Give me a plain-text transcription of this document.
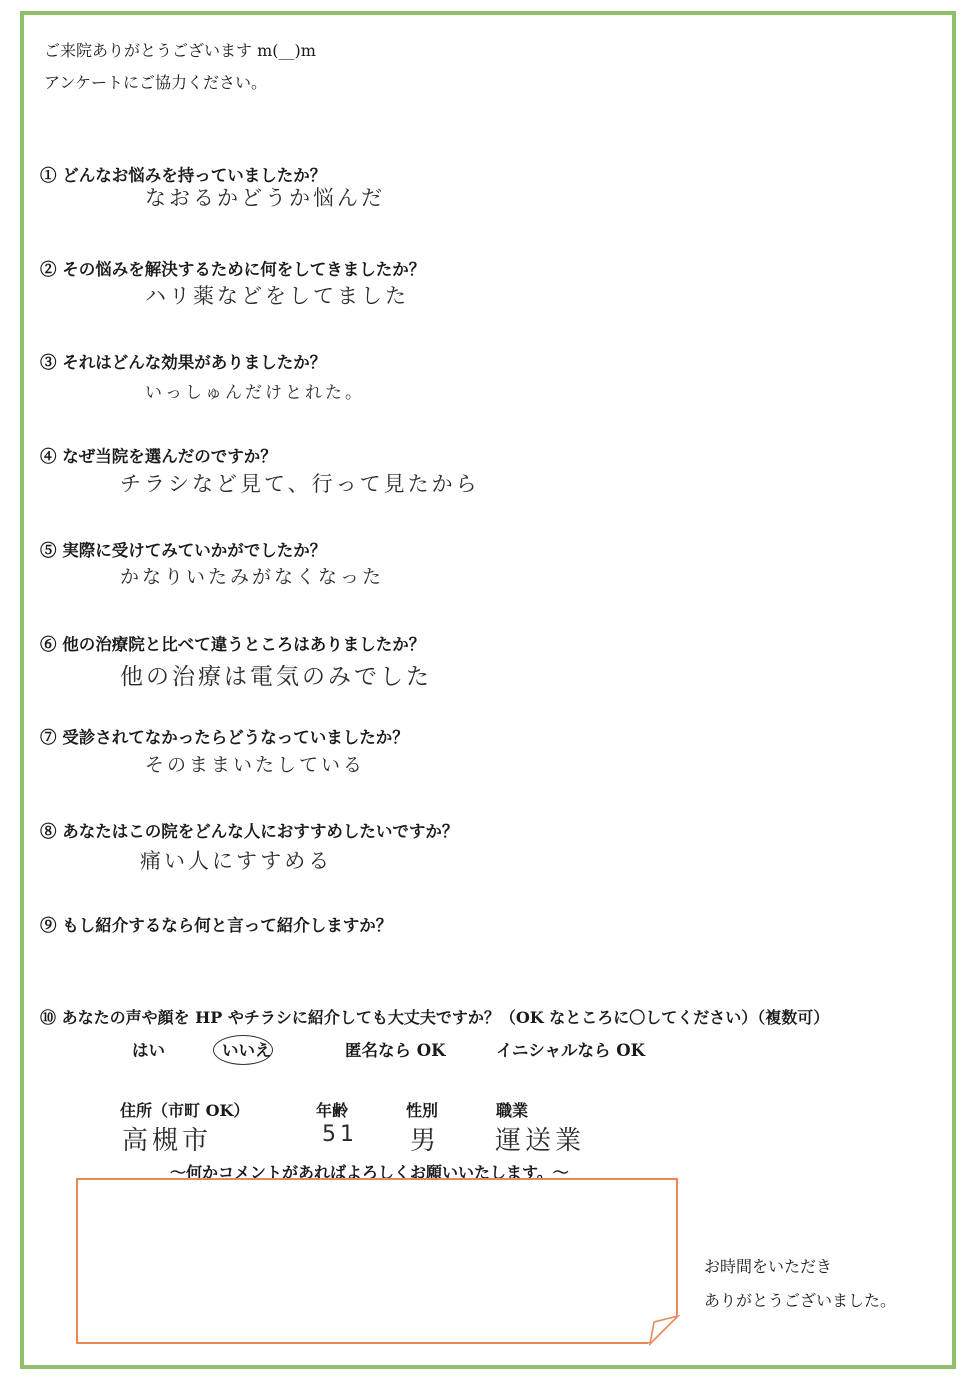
ご来院ありがとうございます m(__)m
アンケートにご協力ください。
① どんなお悩みを持っていましたか？
なおるかどうか悩んだ
② その悩みを解決するために何をしてきましたか？
ハリ薬などをしてました
③ それはどんな効果がありましたか？
いっしゅんだけとれた。
④ なぜ当院を選んだのですか？
チラシなど見て、行って見たから
⑤ 実際に受けてみていかがでしたか？
かなりいたみがなくなった
⑥ 他の治療院と比べて違うところはありましたか？
他の治療は電気のみでした
⑦ 受診されてなかったらどうなっていましたか？
そのままいたしている
⑧ あなたはこの院をどんな人におすすめしたいですか？
痛い人にすすめる
⑨ もし紹介するなら何と言って紹介しますか？
⑩ あなたの声や顔を HP やチラシに紹介しても大丈夫ですか？（OK なところに〇してください）（複数可）
はい	いいえ	匿名なら OK	イニシャルなら OK
住所（市町 OK）	年齢	性別	職業
高槻市	51 男 運送業
～何かコメントがあればよろしくお願いいたします。～
お時間をいただき
ありがとうございました。
